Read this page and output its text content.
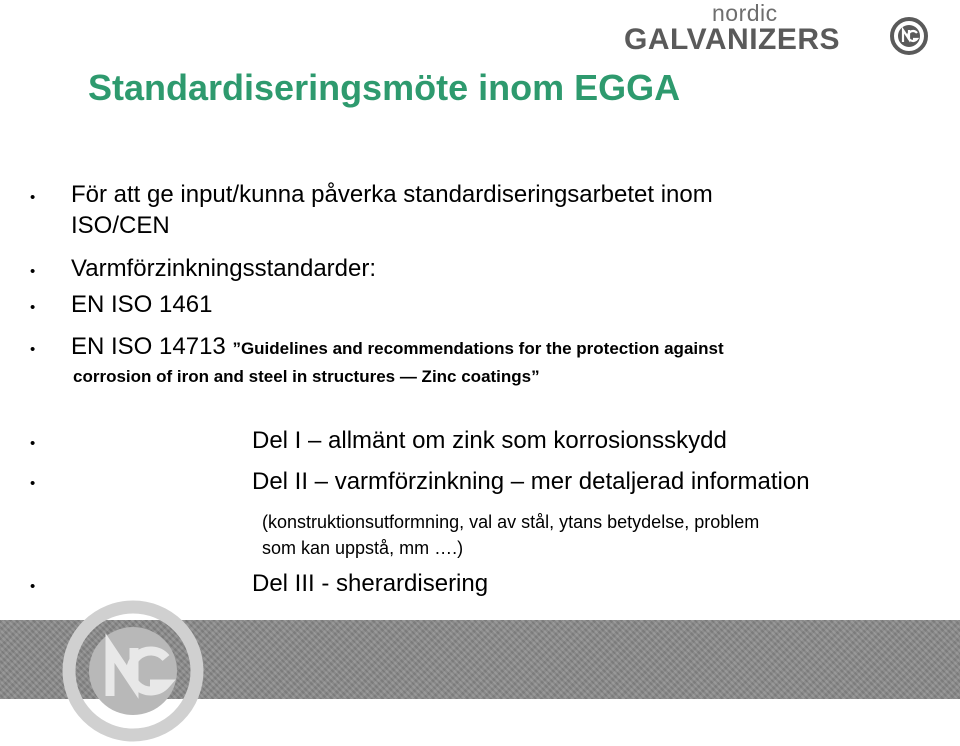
nordic
GALVANIZERS
Standardiseringsmöte inom EGGA
• För att ge input/kunna påverka standardiseringsarbetet inom
ISO/CEN
• Varmförzinkningsstandarder:
• EN ISO 1461
• EN ISO 14713 ”Guidelines and recommendations for the protection against
corrosion of iron and steel in structures — Zinc coatings”
•	Del I – allmänt om zink som korrosionsskydd
•	Del II – varmförzinkning – mer detaljerad information
(konstruktionsutformning, val av stål, ytans betydelse, problem
som kan uppstå, mm ….)
•	Del III - sherardisering
